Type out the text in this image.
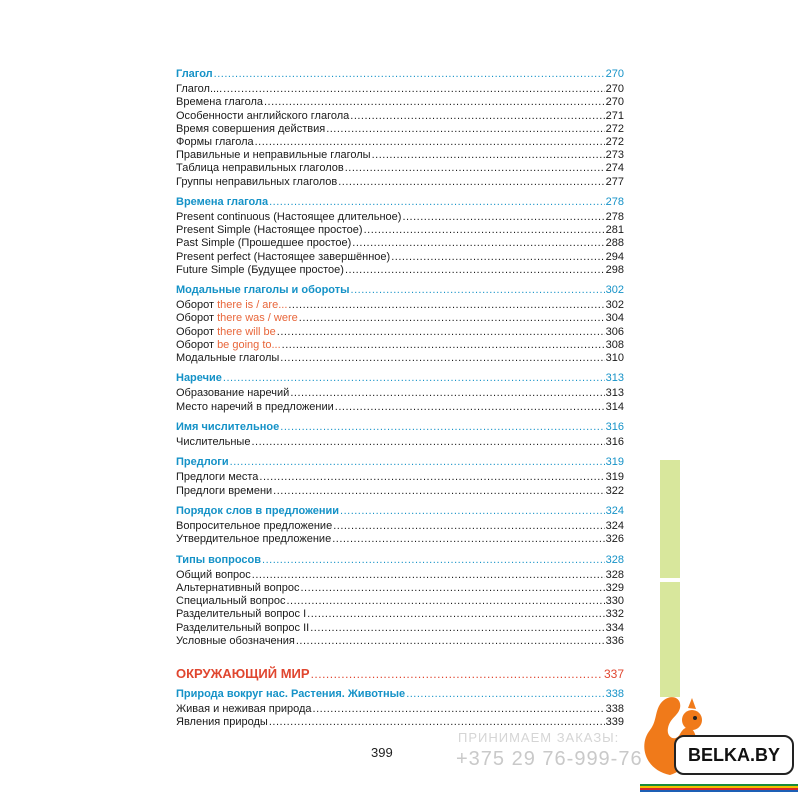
Глагол .....	270
Глагол.... .....	270
Времена глагола .....	270
Особенности английского глагола .....	271
Время совершения действия .....	272
Формы глагола .....	272
Правильные и неправильные глаголы .....	273
Таблица неправильных глаголов .....	274
Группы неправильных глаголов .....	277
Времена глагола .....	278
Present continuous (Настоящее длительное) .....	278
Present Simple (Настоящее простое) .....	281
Past Simple (Прошедшее простое) .....	288
Present perfect (Настоящее завершённое) .....	294
Future Simple (Будущее простое) .....	298
Модальные глаголы и обороты .....	302
Оборот there is / are... .....	302
Оборот there was / were .....	304
Оборот there will be .....	306
Оборот be going to... .....	308
Модальные глаголы .....	310
Наречие .....	313
Образование наречий .....	313
Место наречий в предложении .....	314
Имя числительное .....	316
Числительные .....	316
Предлоги .....	319
Предлоги места .....	319
Предлоги времени .....	322
Порядок слов в предложении .....	324
Вопросительное предложение .....	324
Утвердительное предложение .....	326
Типы вопросов .....	328
Общий вопрос .....	328
Альтернативный вопрос .....	329
Специальный вопрос .....	330
Разделительный вопрос I .....	332
Разделительный вопрос II .....	334
Условные обозначения .....	336
ОКРУЖАЮЩИЙ МИР .....	337
Природа вокруг нас. Растения. Животные .....	338
Живая и неживая природа .....	338
Явления природы .....	339
399
ПРИНИМАЕМ ЗАКАЗЫ:
+375 29 76-999-76	BELKA.BY
